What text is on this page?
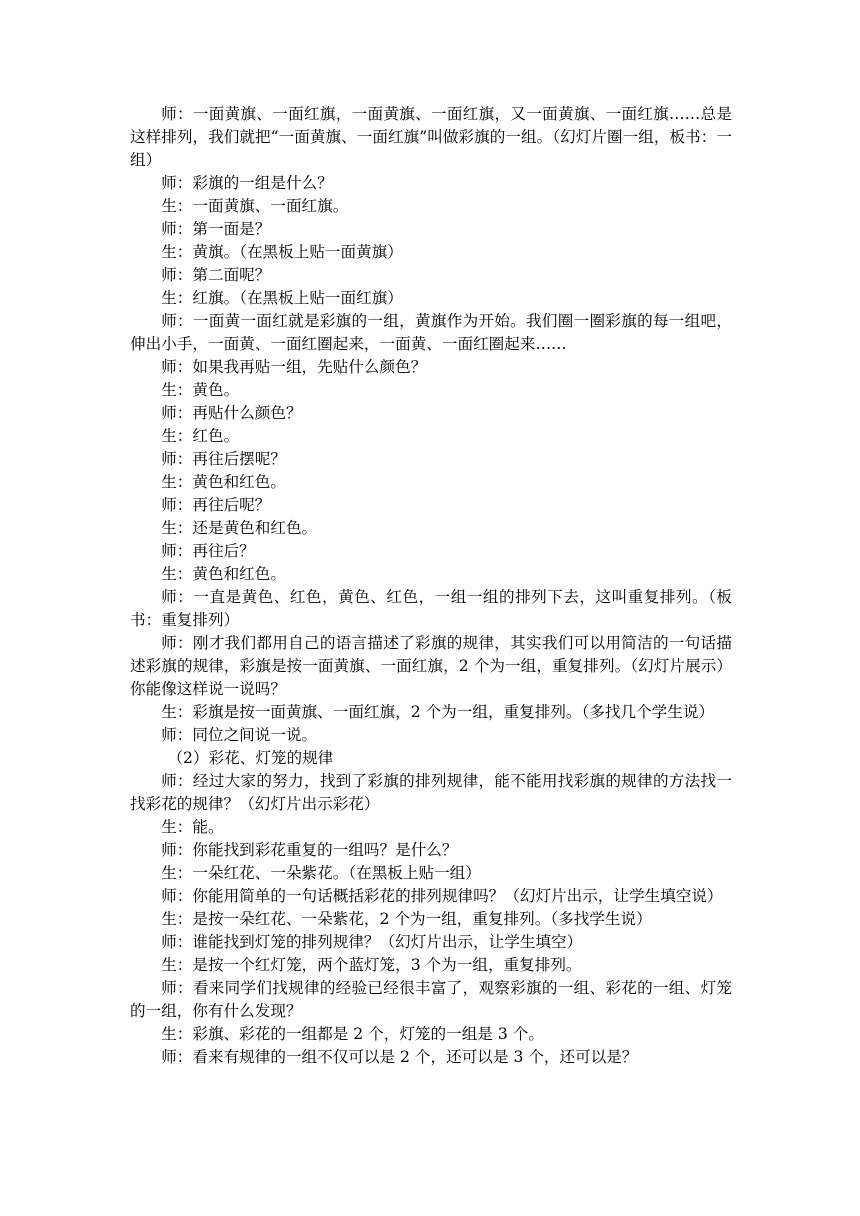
师：一面黄旗、一面红旗，一面黄旗、一面红旗，又一面黄旗、一面红旗……总是这样排列，我们就把“一面黄旗、一面红旗”叫做彩旗的一组。（幻灯片圈一组，板书：一组）

师：彩旗的一组是什么？

生：一面黄旗、一面红旗。

师：第一面是？

生：黄旗。（在黑板上贴一面黄旗）

师：第二面呢？

生：红旗。（在黑板上贴一面红旗）

师：一面黄一面红就是彩旗的一组，黄旗作为开始。我们圈一圈彩旗的每一组吧，伸出小手，一面黄、一面红圈起来，一面黄、一面红圈起来……

师：如果我再贴一组，先贴什么颜色？

生：黄色。

师：再贴什么颜色？

生：红色。

师：再往后摆呢？

生：黄色和红色。

师：再往后呢？

生：还是黄色和红色。

师：再往后？

生：黄色和红色。

师：一直是黄色、红色，黄色、红色，一组一组的排列下去，这叫重复排列。（板书：重复排列）

师：刚才我们都用自己的语言描述了彩旗的规律，其实我们可以用简洁的一句话描述彩旗的规律，彩旗是按一面黄旗、一面红旗，2 个为一组，重复排列。（幻灯片展示）你能像这样说一说吗？

生：彩旗是按一面黄旗、一面红旗，2 个为一组，重复排列。（多找几个学生说）

师：同位之间说一说。

（2）彩花、灯笼的规律

师：经过大家的努力，找到了彩旗的排列规律，能不能用找彩旗的规律的方法找一找彩花的规律？（幻灯片出示彩花）

生：能。

师：你能找到彩花重复的一组吗？是什么？

生：一朵红花、一朵紫花。（在黑板上贴一组）

师：你能用简单的一句话概括彩花的排列规律吗？（幻灯片出示，让学生填空说）

生：是按一朵红花、一朵紫花，2 个为一组，重复排列。（多找学生说）

师：谁能找到灯笼的排列规律？（幻灯片出示，让学生填空）

生：是按一个红灯笼，两个蓝灯笼，3 个为一组，重复排列。

师：看来同学们找规律的经验已经很丰富了，观察彩旗的一组、彩花的一组、灯笼的一组，你有什么发现？

生：彩旗、彩花的一组都是 2 个，灯笼的一组是 3 个。

师：看来有规律的一组不仅可以是 2 个，还可以是 3 个，还可以是？
